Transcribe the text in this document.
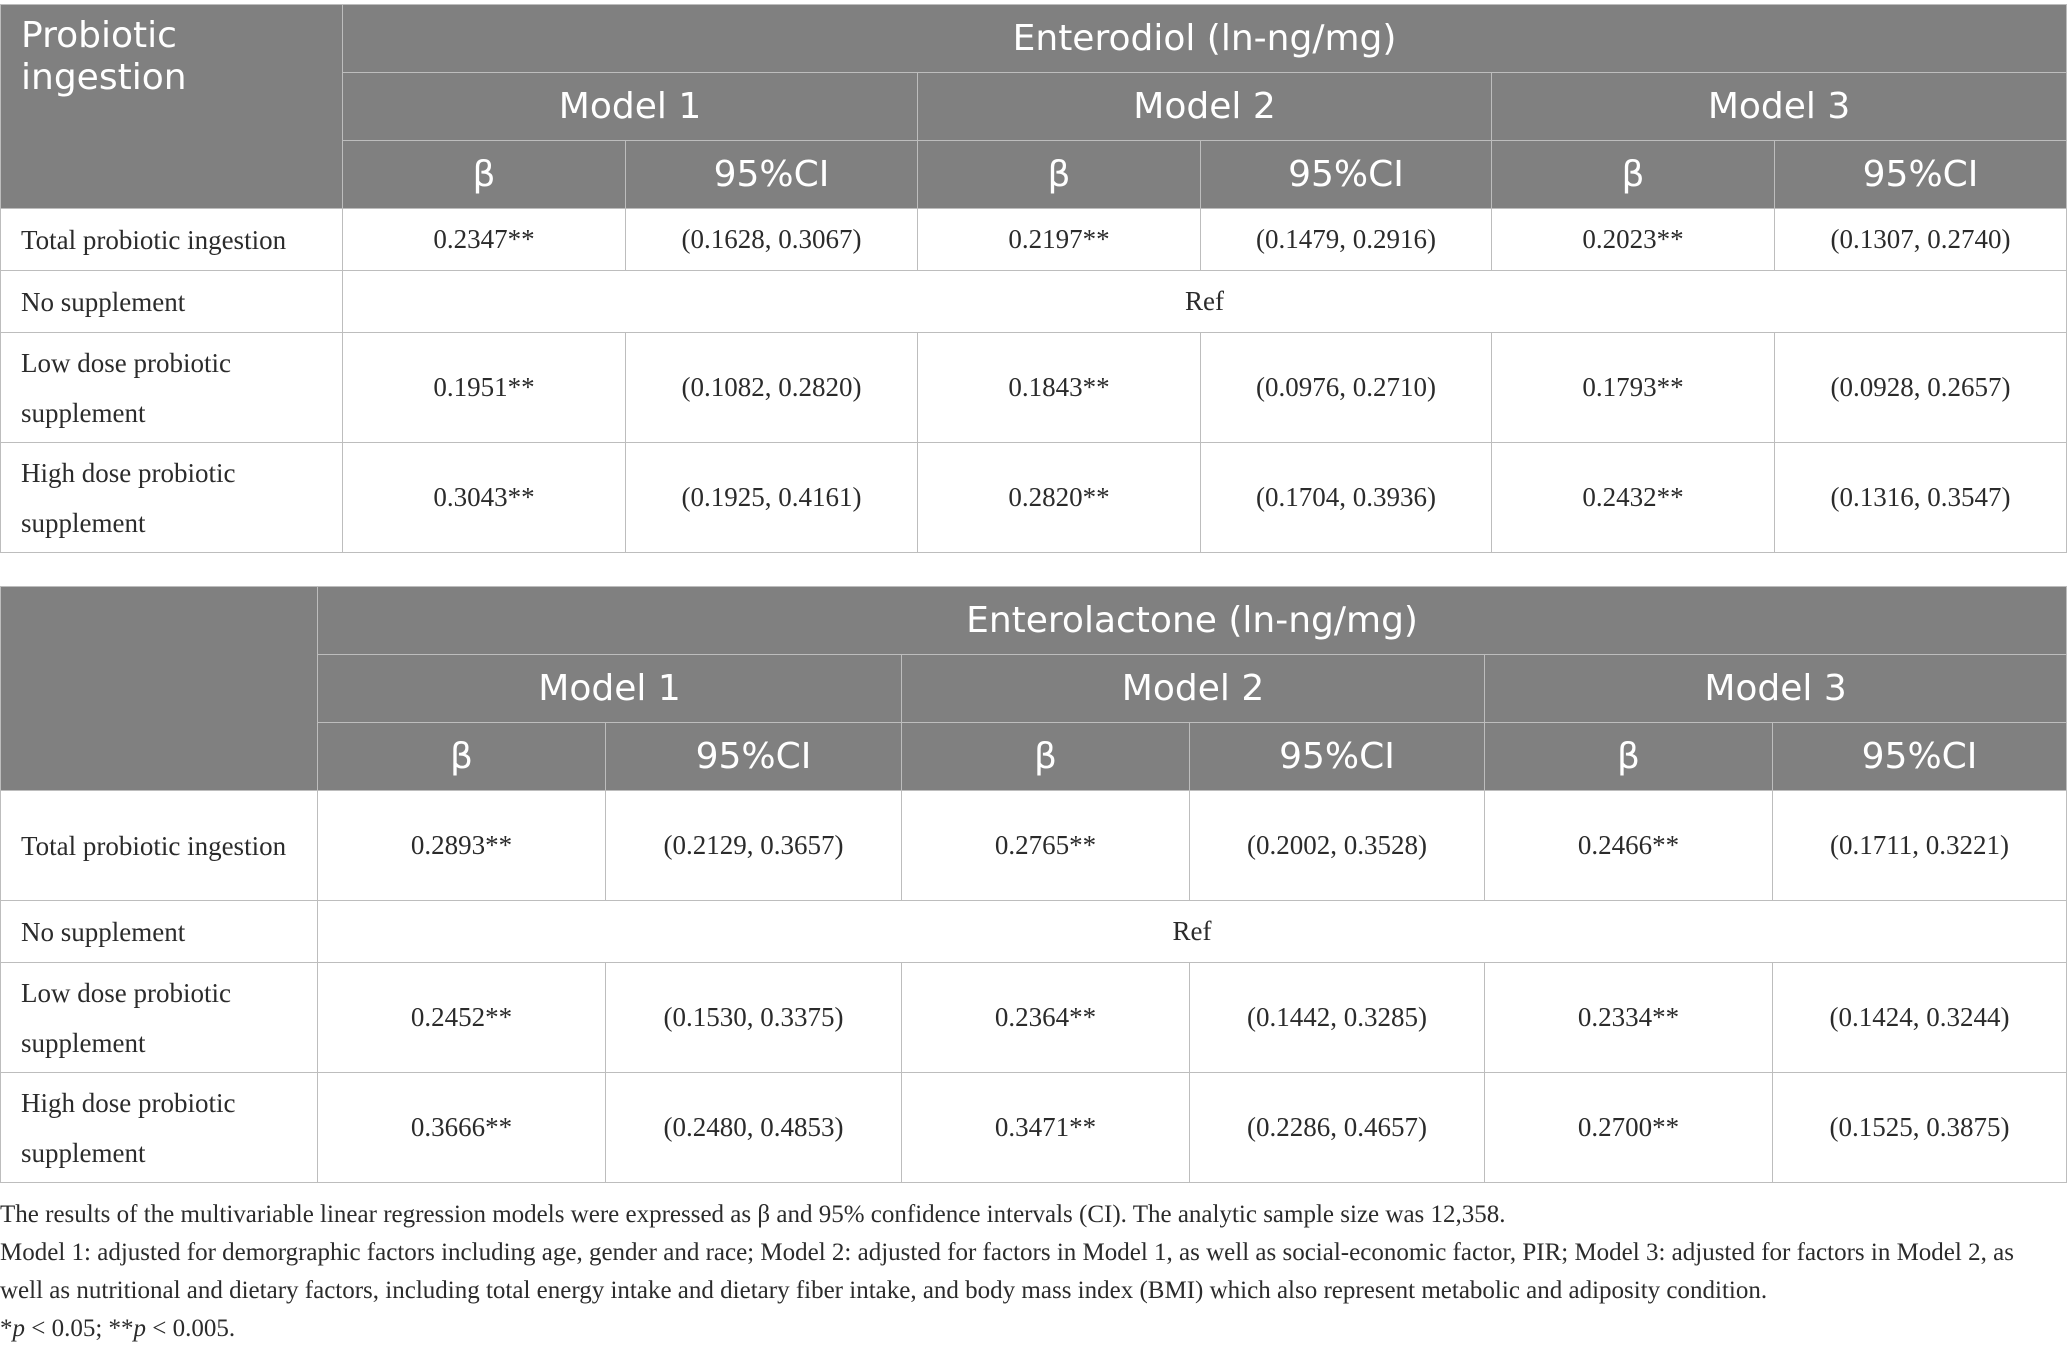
Probiotic ingestion	Enterodiol (ln-ng/mg)					
	Model 1		Model 2		Model 3	
	β	95%CI	β	95%CI	β	95%CI
Total probiotic ingestion	0.2347**	(0.1628, 0.3067)	0.2197**	(0.1479, 0.2916)	0.2023**	(0.1307, 0.2740)
No supplement	Ref					
Low dose probiotic supplement	0.1951**	(0.1082, 0.2820)	0.1843**	(0.0976, 0.2710)	0.1793**	(0.0928, 0.2657)
High dose probiotic supplement	0.3043**	(0.1925, 0.4161)	0.2820**	(0.1704, 0.3936)	0.2432**	(0.1316, 0.3547)
	Enterolactone (ln-ng/mg)					
	Model 1		Model 2		Model 3	
	β	95%CI	β	95%CI	β	95%CI
Total probiotic ingestion	0.2893**	(0.2129, 0.3657)	0.2765**	(0.2002, 0.3528)	0.2466**	(0.1711, 0.3221)
No supplement	Ref					
Low dose probiotic supplement	0.2452**	(0.1530, 0.3375)	0.2364**	(0.1442, 0.3285)	0.2334**	(0.1424, 0.3244)
High dose probiotic supplement	0.3666**	(0.2480, 0.4853)	0.3471**	(0.2286, 0.4657)	0.2700**	(0.1525, 0.3875)

The results of the multivariable linear regression models were expressed as β and 95% confidence intervals (CI). The analytic sample size was 12,358.

Model 1: adjusted for demorgraphic factors including age, gender and race; Model 2: adjusted for factors in Model 1, as well as social-economic factor, PIR; Model 3: adjusted for factors in Model 2, as well as nutritional and dietary factors, including total energy intake and dietary fiber intake, and body mass index (BMI) which also represent metabolic and adiposity condition.

*p < 0.05; **p < 0.005.
